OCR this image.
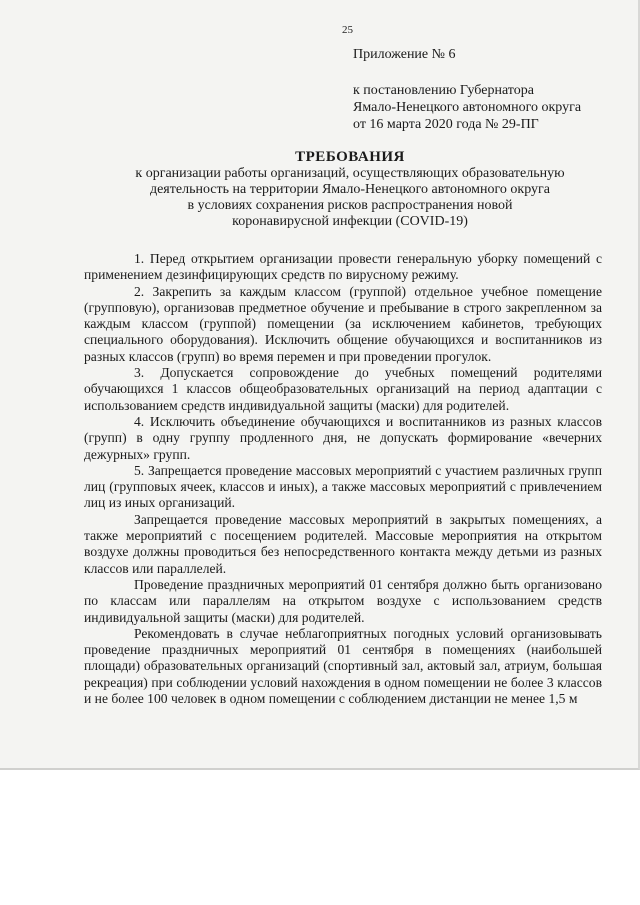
25
Приложение № 6
к постановлению Губернатора
Ямало-Ненецкого автономного округа
от 16 марта 2020 года № 29-ПГ
ТРЕБОВАНИЯ
к организации работы организаций, осуществляющих образовательную
деятельность на территории Ямало-Ненецкого автономного округа
в условиях сохранения рисков распространения новой
коронавирусной инфекции (COVID-19)

1. Перед открытием организации провести генеральную уборку помещений с применением дезинфицирующих средств по вирусному режиму.

2. Закрепить за каждым классом (группой) отдельное учебное помещение (групповую), организовав предметное обучение и пребывание в строго закрепленном за каждым классом (группой) помещении (за исключением кабинетов, требующих специального оборудования). Исключить общение обучающихся и воспитанников из разных классов (групп) во время перемен и при проведении прогулок.

3. Допускается сопровождение до учебных помещений родителями обучающихся 1 классов общеобразовательных организаций на период адаптации с использованием средств индивидуальной защиты (маски) для родителей.

4. Исключить объединение обучающихся и воспитанников из разных классов (групп) в одну группу продленного дня, не допускать формирование «вечерних дежурных» групп.

5. Запрещается проведение массовых мероприятий с участием различных групп лиц (групповых ячеек, классов и иных), а также массовых мероприятий с привлечением лиц из иных организаций.

Запрещается проведение массовых мероприятий в закрытых помещениях, а также мероприятий с посещением родителей. Массовые мероприятия на открытом воздухе должны проводиться без непосредственного контакта между детьми из разных классов или параллелей.

Проведение праздничных мероприятий 01 сентября должно быть организовано по классам или параллелям на открытом воздухе с использованием средств индивидуальной защиты (маски) для родителей.

Рекомендовать в случае неблагоприятных погодных условий организовывать проведение праздничных мероприятий 01 сентября в помещениях (наибольшей площади) образовательных организаций (спортивный зал, актовый зал, атриум, большая рекреация) при соблюдении условий нахождения в одном помещении не более 3 классов и не более 100 человек в одном помещении с соблюдением дистанции не менее 1,5 м
